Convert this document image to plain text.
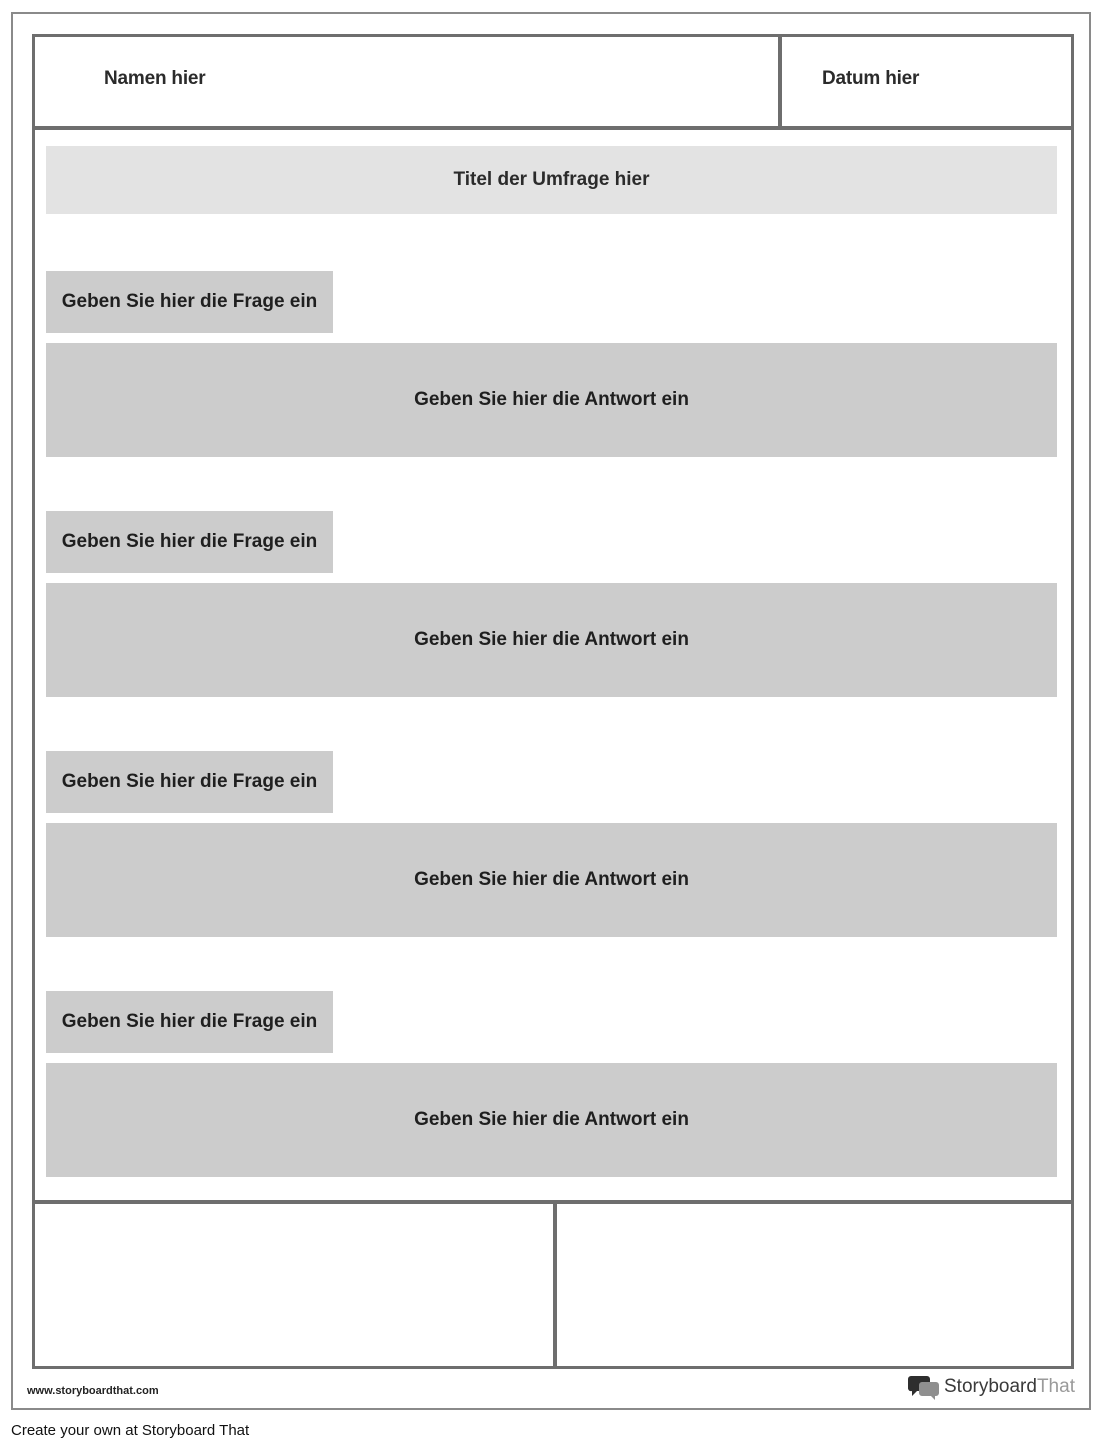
Namen hier	Datum hier
Titel der Umfrage hier
Geben Sie hier die Frage ein
Geben Sie hier die Antwort ein
Geben Sie hier die Frage ein
Geben Sie hier die Antwort ein
Geben Sie hier die Frage ein
Geben Sie hier die Antwort ein
Geben Sie hier die Frage ein
Geben Sie hier die Antwort ein
www.storyboardthat.com	StoryboardThat
Create your own at Storyboard That
